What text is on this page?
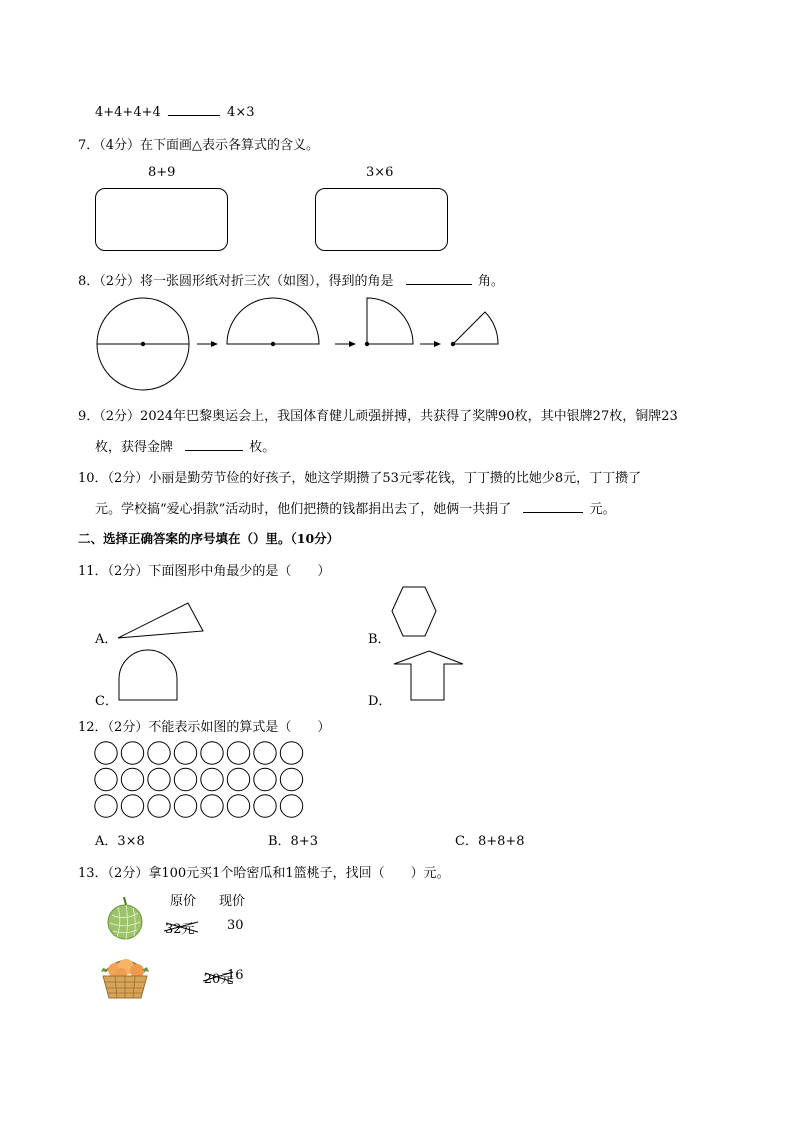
4+4+4+4	4×3
7．（4分）在下面画△表示各算式的含义。
8+9	3×6
8．（2分）将一张圆形纸对折三次（如图），得到的角是	角。
9．（2分）2024年巴黎奥运会上，我国体育健儿顽强拼搏，共获得了奖牌90枚，其中银牌27枚，铜牌23
枚，获得金牌	枚。
10．（2分）小丽是勤劳节俭的好孩子，她这学期攒了53元零花钱，丁丁攒的比她少8元，丁丁攒了
元。学校搞“爱心捐款”活动时，他们把攒的钱都捐出去了，她俩一共捐了	元。
二、选择正确答案的序号填在（）里。（10分）
11．（2分）下面图形中角最少的是（　　）
A．	B．
C．	D．
12．（2分）不能表示如图的算式是（　　）
A．3×8	B．8+3	C．8+8+8
13．（2分）拿100元买1个哈密瓜和1篮桃子，找回（　　）元。
原价 现价
32元
30
20元
16
